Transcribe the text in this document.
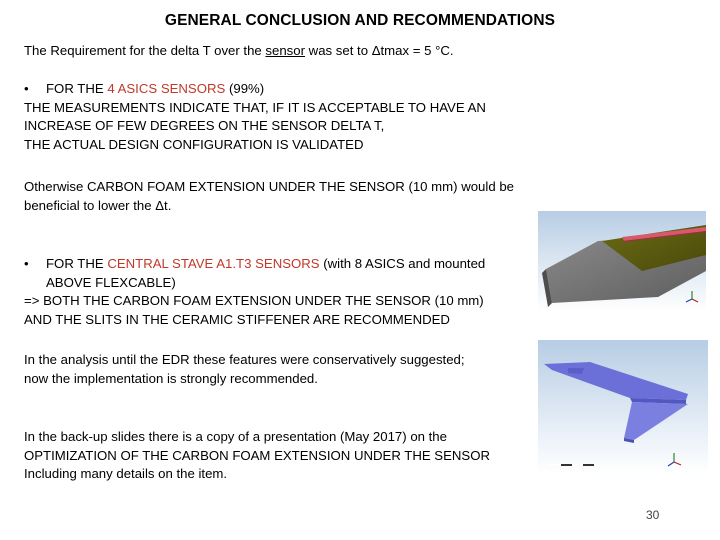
GENERAL CONCLUSION AND RECOMMENDATIONS
The Requirement for the delta T over the sensor was set to Δtmax = 5 °C.
• FOR THE 4 ASICS SENSORS (99%)
THE MEASUREMENTS INDICATE THAT, IF IT IS ACCEPTABLE TO HAVE AN
INCREASE OF FEW DEGREES ON THE SENSOR DELTA T,
THE ACTUAL DESIGN CONFIGURATION IS VALIDATED
Otherwise CARBON FOAM EXTENSION UNDER THE SENSOR (10 mm) would be
beneficial to lower the Δt.
• FOR THE CENTRAL STAVE A1.T3 SENSORS (with 8 ASICS and mounted
ABOVE FLEXCABLE)
=> BOTH THE CARBON FOAM EXTENSION UNDER THE SENSOR (10 mm)
AND THE SLITS IN THE CERAMIC STIFFENER ARE RECOMMENDED
In the analysis until the EDR these features were conservatively suggested;
now the implementation is strongly recommended.
In the back-up slides there is a copy of a presentation (May 2017) on the
OPTIMIZATION OF THE CARBON FOAM EXTENSION UNDER THE SENSOR
Including many details on the item.
30
